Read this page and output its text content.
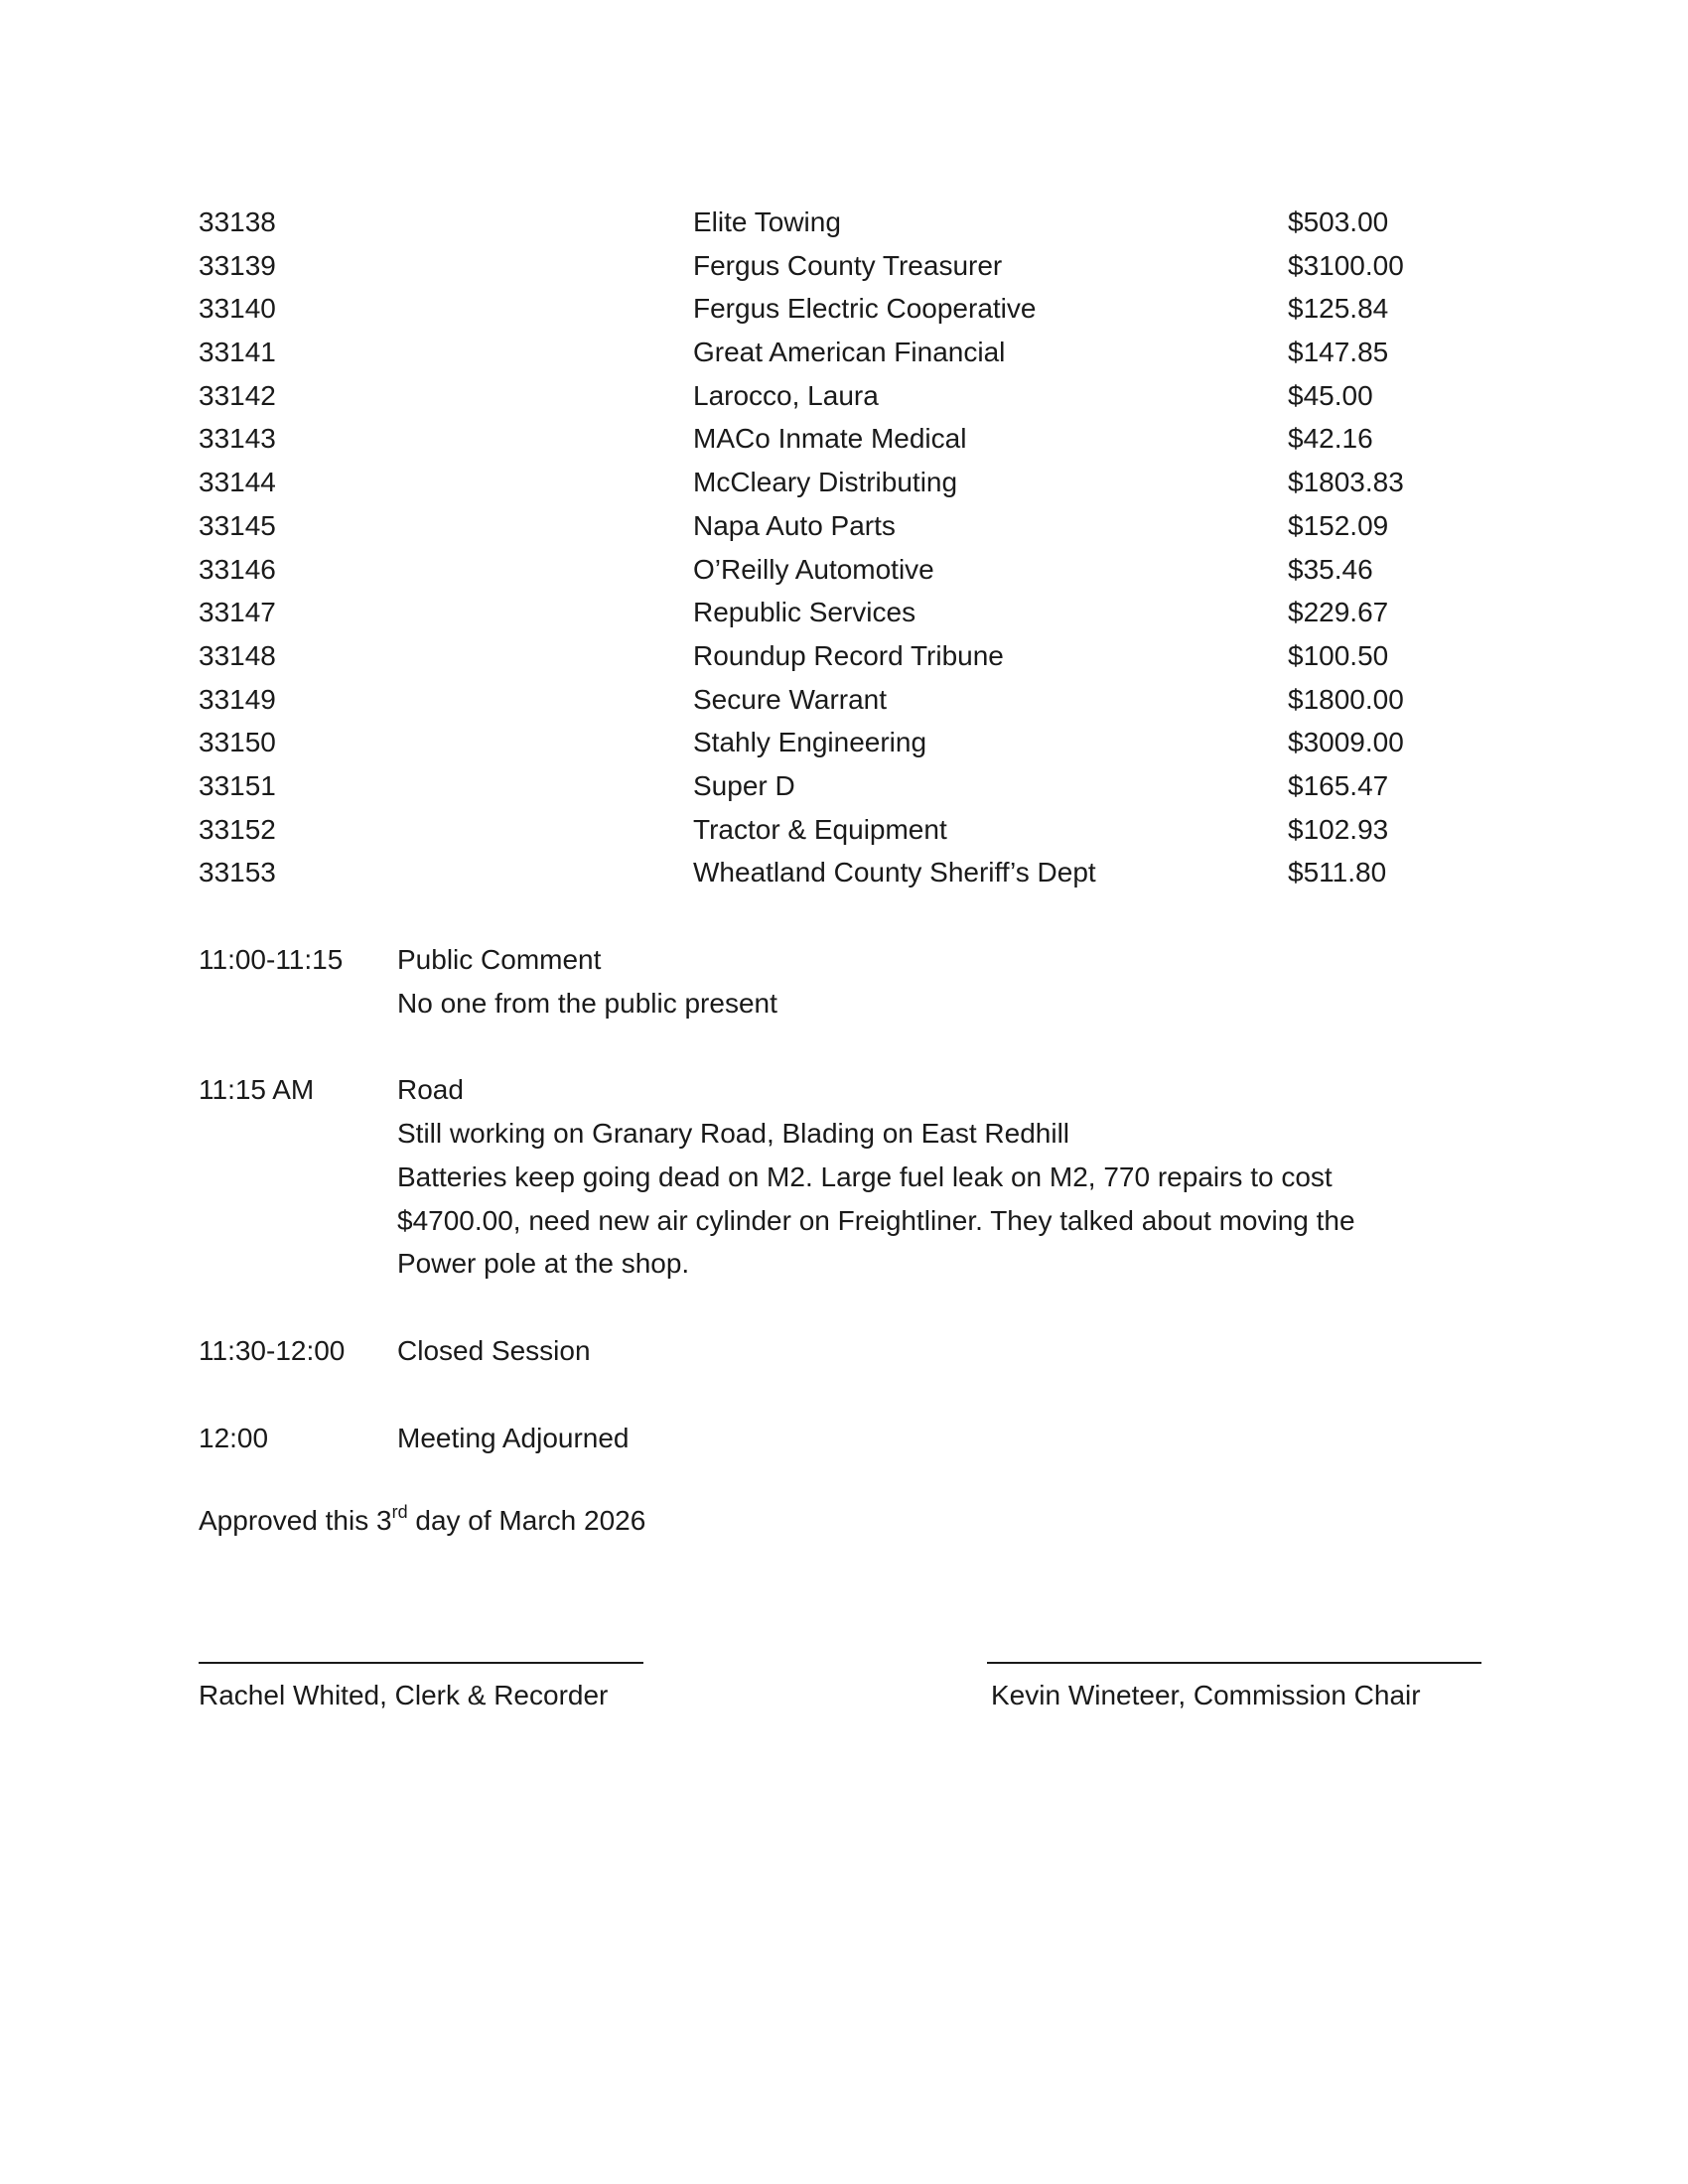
33138	Elite Towing	$503.00
33139	Fergus County Treasurer	$3100.00
33140	Fergus Electric Cooperative	$125.84
33141	Great American Financial	$147.85
33142	Larocco, Laura	$45.00
33143	MACo Inmate Medical	$42.16
33144	McCleary Distributing	$1803.83
33145	Napa Auto Parts	$152.09
33146	O’Reilly Automotive	$35.46
33147	Republic Services	$229.67
33148	Roundup Record Tribune	$100.50
33149	Secure Warrant	$1800.00
33150	Stahly Engineering	$3009.00
33151	Super D	$165.47
33152	Tractor & Equipment	$102.93
33153	Wheatland County Sheriff’s Dept	$511.80
11:00-11:15 Public Comment
No one from the public present
11:15 AM	Road
Still working on Granary Road, Blading on East Redhill
Batteries keep going dead on M2. Large fuel leak on M2, 770 repairs to cost
$4700.00, need new air cylinder on Freightliner. They talked about moving the
Power pole at the shop.
11:30-12:00 Closed Session
12:00	Meeting Adjourned
Approved this 3rd day of March 2026
Rachel Whited, Clerk & Recorder	Kevin Wineteer, Commission Chair
